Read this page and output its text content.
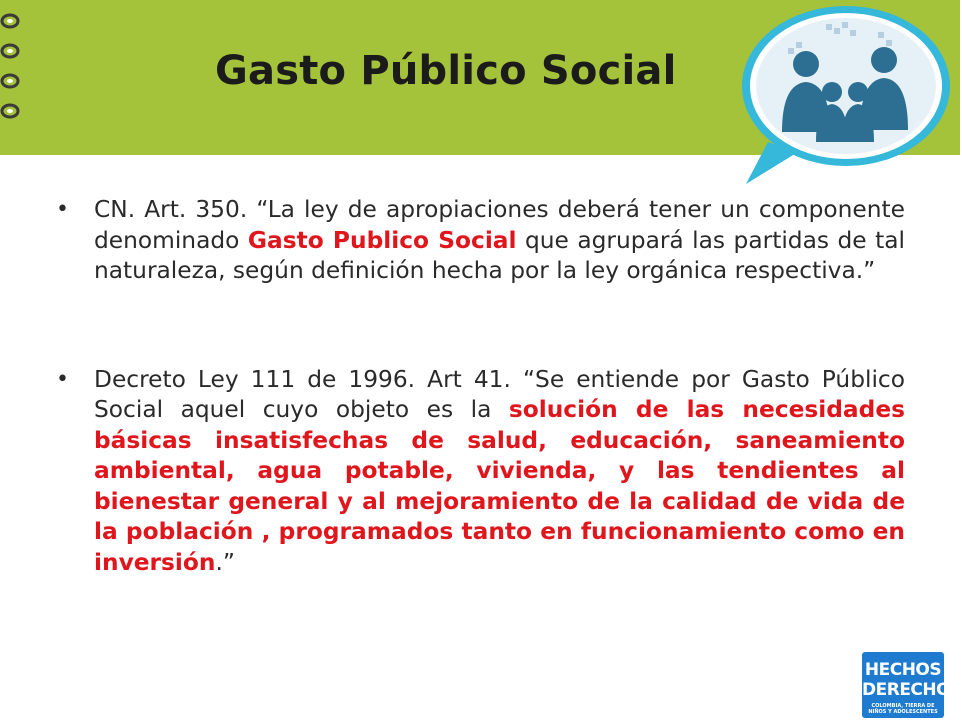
Gasto Público Social
• CN. Art. 350. “La ley de apropiaciones deberá tener un componente denominado Gasto Publico Social que agrupará las partidas de tal naturaleza, según definición hecha por la ley orgánica respectiva.”
• Decreto Ley 111 de 1996. Art 41. “Se entiende por Gasto Público Social aquel cuyo objeto es la solución de las necesidades básicas insatisfechas de salud, educación, saneamiento ambiental, agua potable, vivienda, y las tendientes al bienestar general y al mejoramiento de la calidad de vida de la población , programados tanto en funcionamiento como en inversión.”
HECHOS
DERECHOS
COLOMBIA, TIERRA DE NIÑOS Y ADOLESCENTES
